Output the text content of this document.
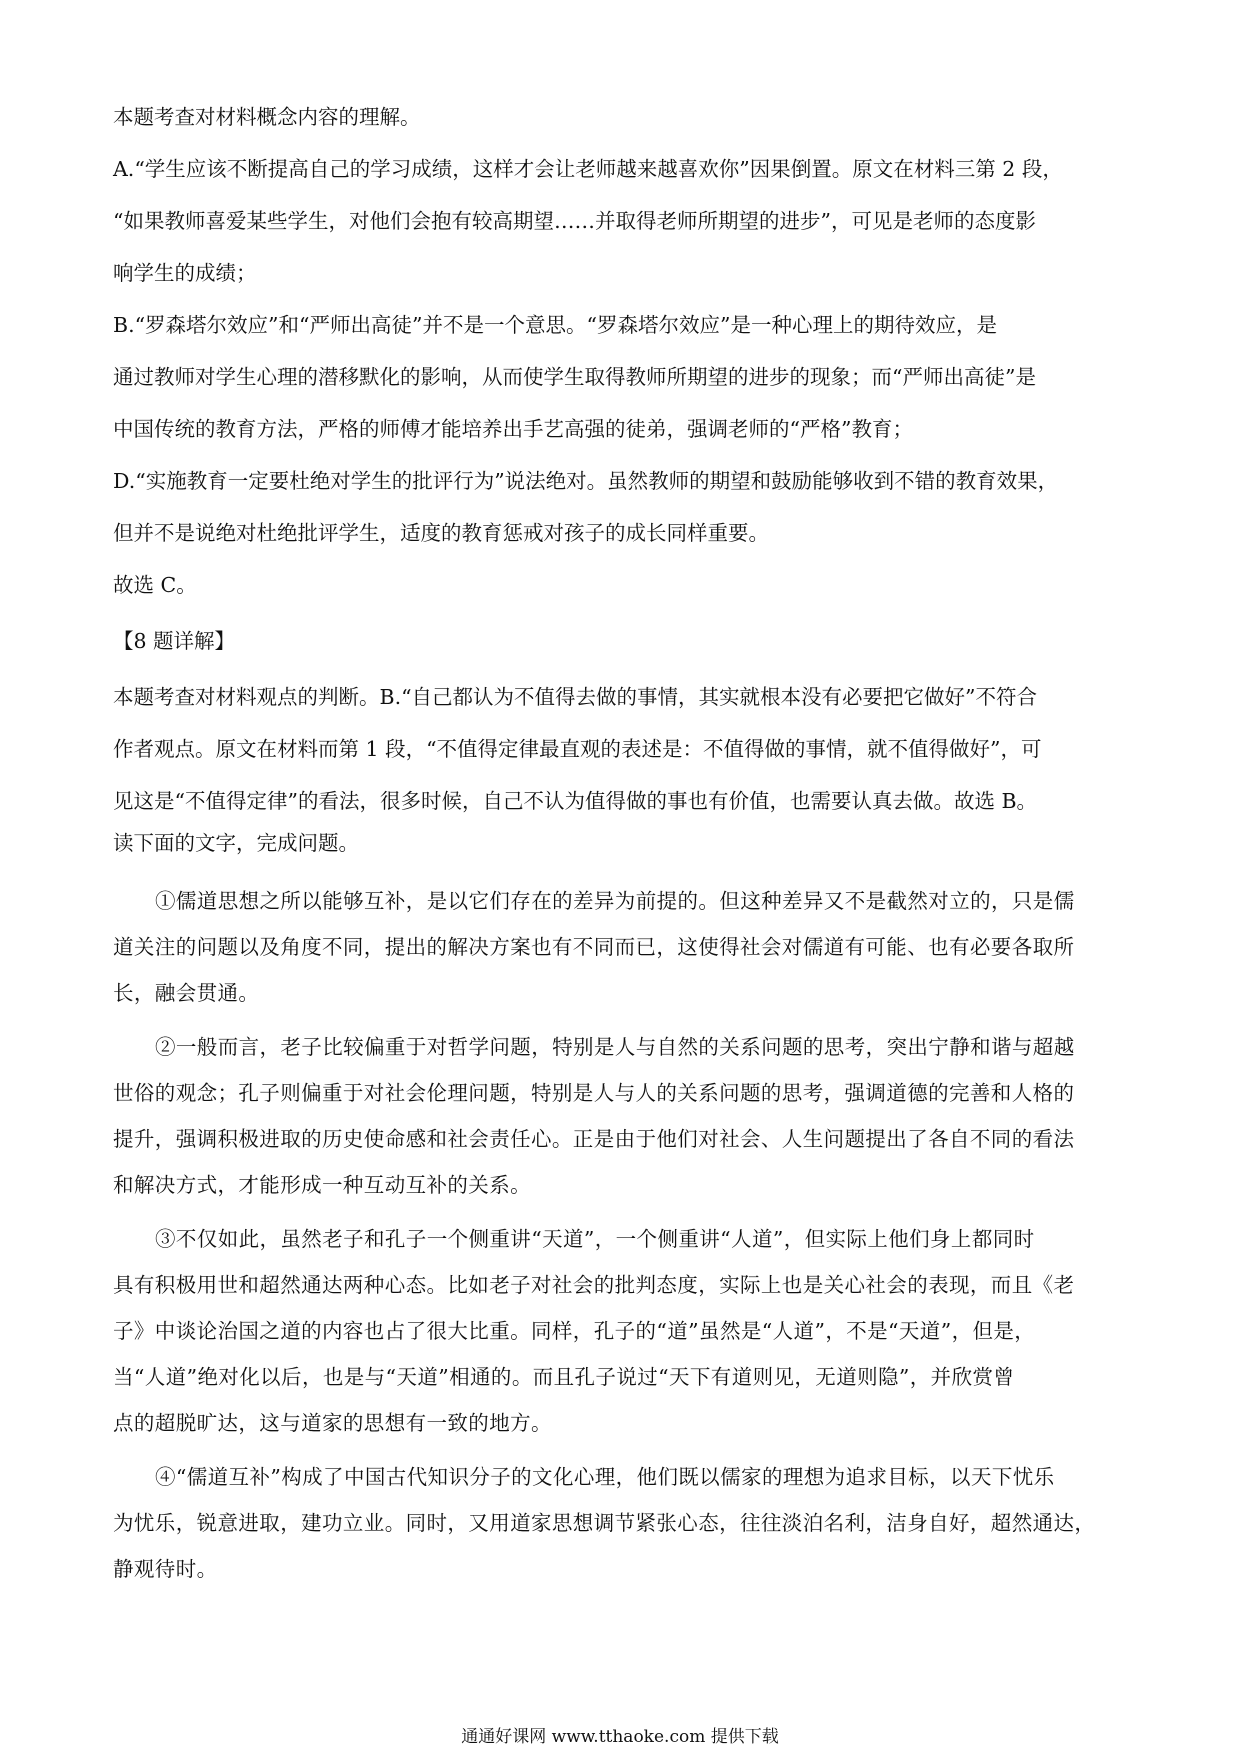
本题考查对材料概念内容的理解。
A.“学生应该不断提高自己的学习成绩，这样才会让老师越来越喜欢你”因果倒置。原文在材料三第 2 段，
“如果教师喜爱某些学生，对他们会抱有较高期望……并取得老师所期望的进步”，可见是老师的态度影
响学生的成绩；
B.“罗森塔尔效应”和“严师出高徒”并不是一个意思。“罗森塔尔效应”是一种心理上的期待效应，是
通过教师对学生心理的潜移默化的影响，从而使学生取得教师所期望的进步的现象；而“严师出高徒”是
中国传统的教育方法，严格的师傅才能培养出手艺高强的徒弟，强调老师的“严格”教育；
D.“实施教育一定要杜绝对学生的批评行为”说法绝对。虽然教师的期望和鼓励能够收到不错的教育效果，
但并不是说绝对杜绝批评学生，适度的教育惩戒对孩子的成长同样重要。
故选 C。
【8 题详解】
本题考查对材料观点的判断。B.“自己都认为不值得去做的事情，其实就根本没有必要把它做好”不符合
作者观点。原文在材料而第 1 段，“不值得定律最直观的表述是：不值得做的事情，就不值得做好”，可
见这是“不值得定律”的看法，很多时候，自己不认为值得做的事也有价值，也需要认真去做。故选 B。
读下面的文字，完成问题。
①儒道思想之所以能够互补，是以它们存在的差异为前提的。但这种差异又不是截然对立的，只是儒
道关注的问题以及角度不同，提出的解决方案也有不同而已，这使得社会对儒道有可能、也有必要各取所
长，融会贯通。
②一般而言，老子比较偏重于对哲学问题，特别是人与自然的关系问题的思考，突出宁静和谐与超越
世俗的观念；孔子则偏重于对社会伦理问题，特别是人与人的关系问题的思考，强调道德的完善和人格的
提升，强调积极进取的历史使命感和社会责任心。正是由于他们对社会、人生问题提出了各自不同的看法
和解决方式，才能形成一种互动互补的关系。
③不仅如此，虽然老子和孔子一个侧重讲“天道”，一个侧重讲“人道”，但实际上他们身上都同时
具有积极用世和超然通达两种心态。比如老子对社会的批判态度，实际上也是关心社会的表现，而且《老
子》中谈论治国之道的内容也占了很大比重。同样，孔子的“道”虽然是“人道”，不是“天道”，但是，
当“人道”绝对化以后，也是与“天道”相通的。而且孔子说过“天下有道则见，无道则隐”，并欣赏曾
点的超脱旷达，这与道家的思想有一致的地方。
④“儒道互补”构成了中国古代知识分子的文化心理，他们既以儒家的理想为追求目标，以天下忧乐
为忧乐，锐意进取，建功立业。同时，又用道家思想调节紧张心态，往往淡泊名利，洁身自好，超然通达，
静观待时。
通通好课网 www.tthaoke.com 提供下载
